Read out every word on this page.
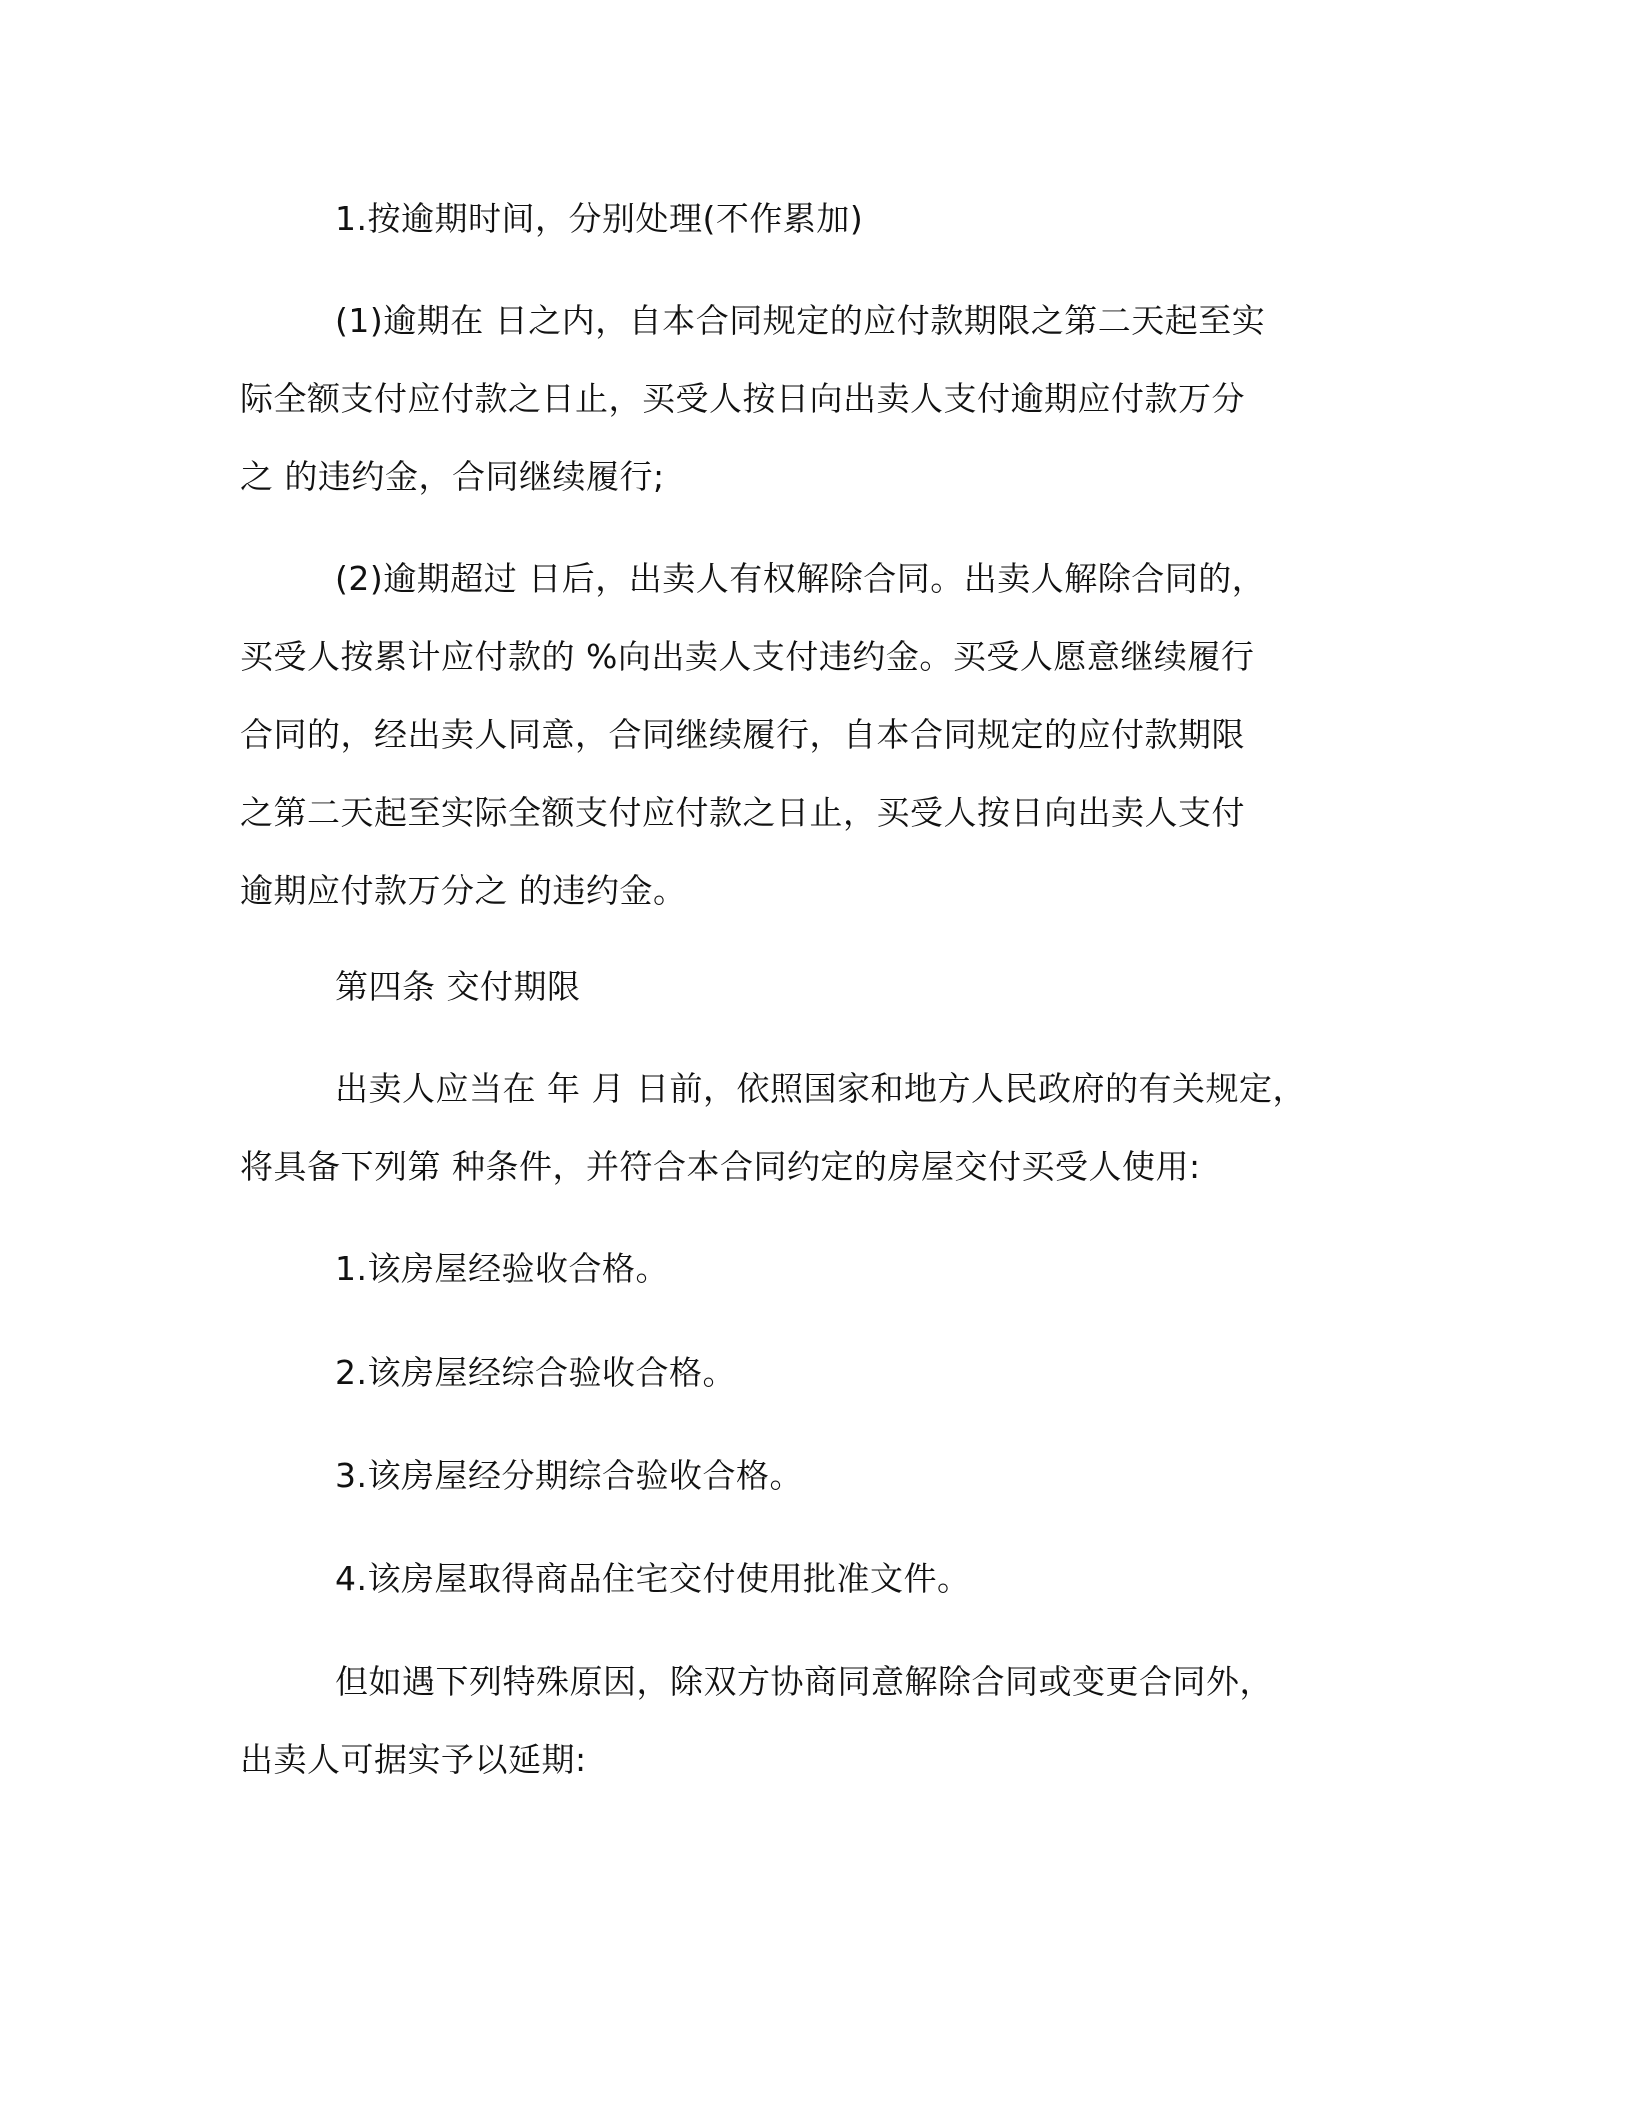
1.按逾期时间，分别处理(不作累加)

(1)逾期在 日之内，自本合同规定的应付款期限之第二天起至实
际全额支付应付款之日止，买受人按日向出卖人支付逾期应付款万分
之 的违约金，合同继续履行;

(2)逾期超过 日后，出卖人有权解除合同。出卖人解除合同的，
买受人按累计应付款的 %向出卖人支付违约金。买受人愿意继续履行
合同的，经出卖人同意，合同继续履行，自本合同规定的应付款期限
之第二天起至实际全额支付应付款之日止，买受人按日向出卖人支付
逾期应付款万分之 的违约金。

第四条 交付期限

出卖人应当在 年 月 日前，依照国家和地方人民政府的有关规定，
将具备下列第 种条件，并符合本合同约定的房屋交付买受人使用:

1.该房屋经验收合格。

2.该房屋经综合验收合格。

3.该房屋经分期综合验收合格。

4.该房屋取得商品住宅交付使用批准文件。

但如遇下列特殊原因，除双方协商同意解除合同或变更合同外，
出卖人可据实予以延期:
